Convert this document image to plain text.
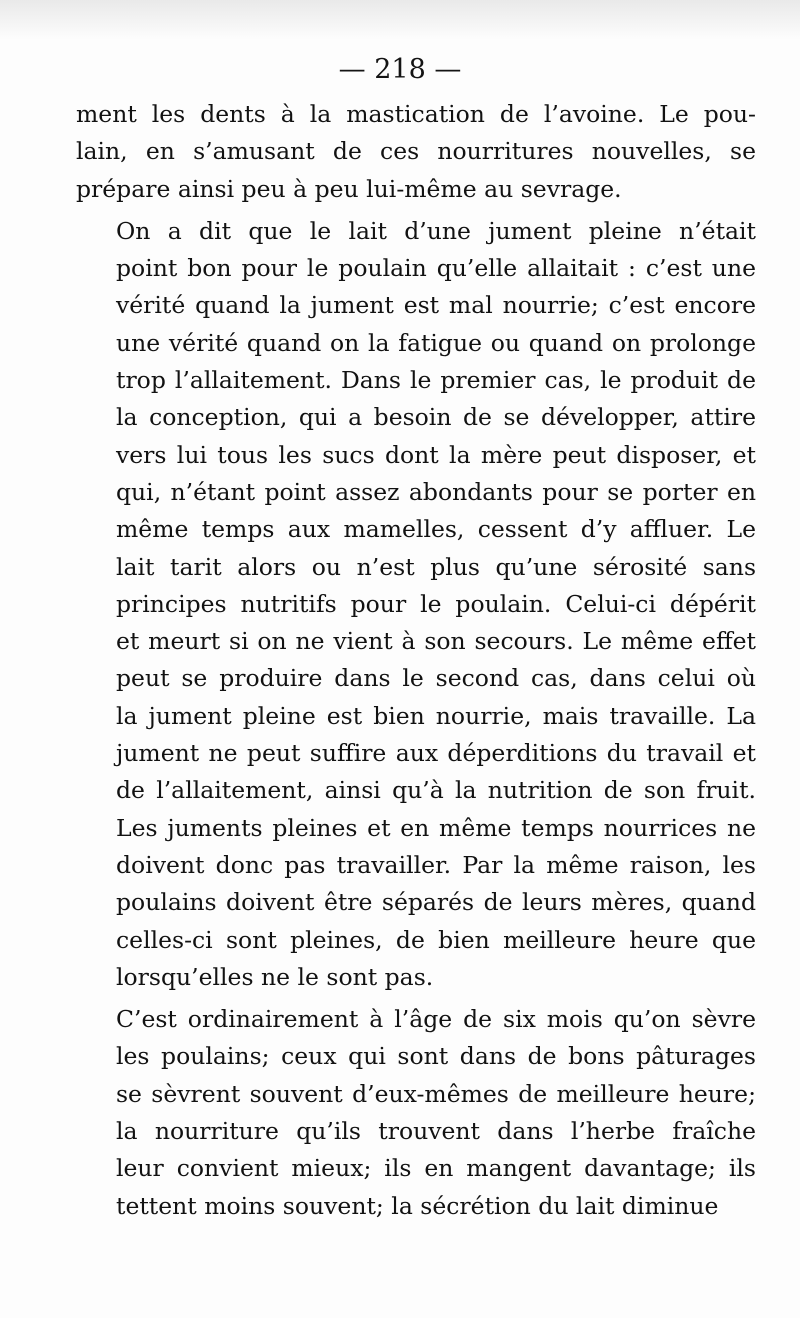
— 218 —

ment les dents à la mastication de l’avoine. Le pou-
lain, en s’amusant de ces nourritures nouvelles, se
prépare ainsi peu à peu lui-même au sevrage.

On a dit que le lait d’une jument pleine n’était
point bon pour le poulain qu’elle allaitait : c’est une
vérité quand la jument est mal nourrie; c’est encore
une vérité quand on la fatigue ou quand on prolonge
trop l’allaitement. Dans le premier cas, le produit de
la conception, qui a besoin de se développer, attire
vers lui tous les sucs dont la mère peut disposer, et
qui, n’étant point assez abondants pour se porter en
même temps aux mamelles, cessent d’y affluer. Le
lait tarit alors ou n’est plus qu’une sérosité sans
principes nutritifs pour le poulain. Celui-ci dépérit
et meurt si on ne vient à son secours. Le même effet
peut se produire dans le second cas, dans celui où
la jument pleine est bien nourrie, mais travaille. La
jument ne peut suffire aux déperditions du travail et
de l’allaitement, ainsi qu’à la nutrition de son fruit.
Les juments pleines et en même temps nourrices ne
doivent donc pas travailler. Par la même raison, les
poulains doivent être séparés de leurs mères, quand
celles-ci sont pleines, de bien meilleure heure que
lorsqu’elles ne le sont pas.

C’est ordinairement à l’âge de six mois qu’on sèvre
les poulains; ceux qui sont dans de bons pâturages
se sèvrent souvent d’eux-mêmes de meilleure heure;
la nourriture qu’ils trouvent dans l’herbe fraîche
leur convient mieux; ils en mangent davantage; ils
tettent moins souvent; la sécrétion du lait diminue
